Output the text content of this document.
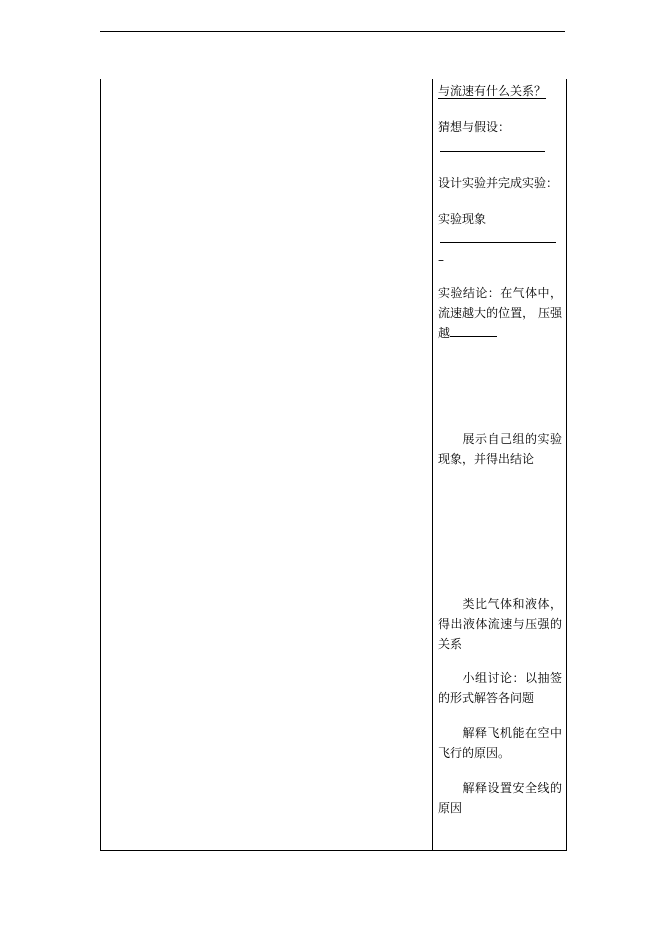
与流速有什么关系？
猜想与假设：
设计实验并完成实验：
实验现象
–
实验结论：在气体中，流速越大的位置， 压强越
展示自己组的实验现象，并得出结论
类比气体和液体，得出液体流速与压强的关系
小组讨论：以抽签的形式解答各问题
解释飞机能在空中飞行的原因。
解释设置安全线的原因
